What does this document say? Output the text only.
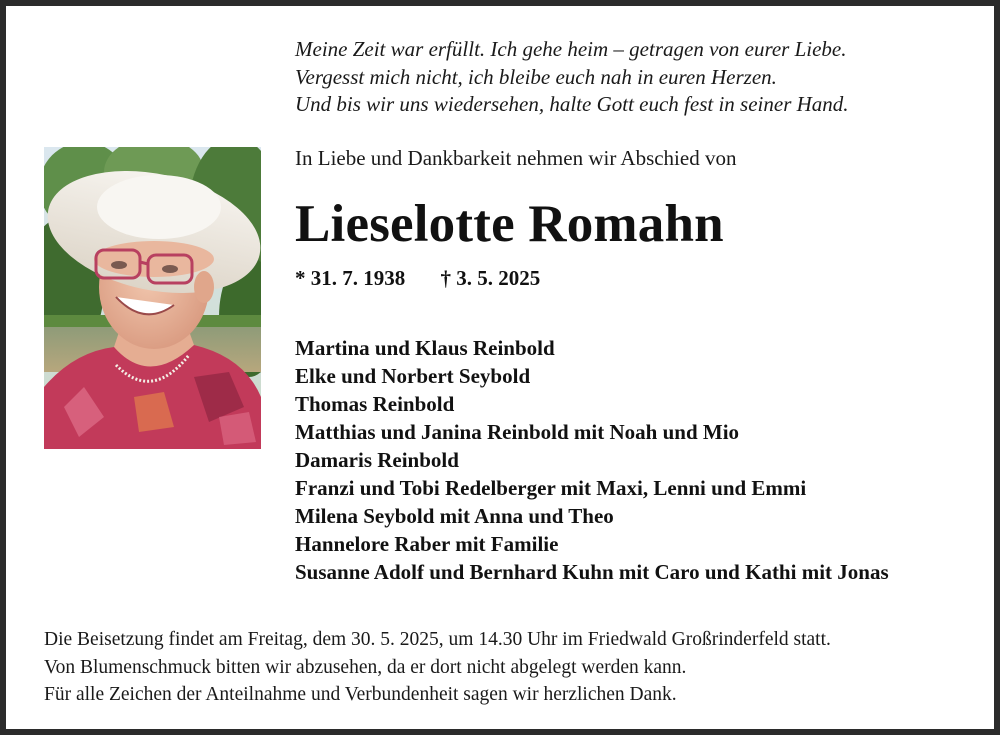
Meine Zeit war erfüllt. Ich gehe heim – getragen von eurer Liebe.
Vergesst mich nicht, ich bleibe euch nah in euren Herzen.
Und bis wir uns wiedersehen, halte Gott euch fest in seiner Hand.
In Liebe und Dankbarkeit nehmen wir Abschied von
Lieselotte Romahn
* 31. 7. 1938 † 3. 5. 2025
Martina und Klaus Reinbold
Elke und Norbert Seybold
Thomas Reinbold
Matthias und Janina Reinbold mit Noah und Mio
Damaris Reinbold
Franzi und Tobi Redelberger mit Maxi, Lenni und Emmi
Milena Seybold mit Anna und Theo
Hannelore Raber mit Familie
Susanne Adolf und Bernhard Kuhn mit Caro und Kathi mit Jonas
Die Beisetzung findet am Freitag, dem 30. 5. 2025, um 14.30 Uhr im Friedwald Großrinderfeld statt.
Von Blumenschmuck bitten wir abzusehen, da er dort nicht abgelegt werden kann.
Für alle Zeichen der Anteilnahme und Verbundenheit sagen wir herzlichen Dank.
